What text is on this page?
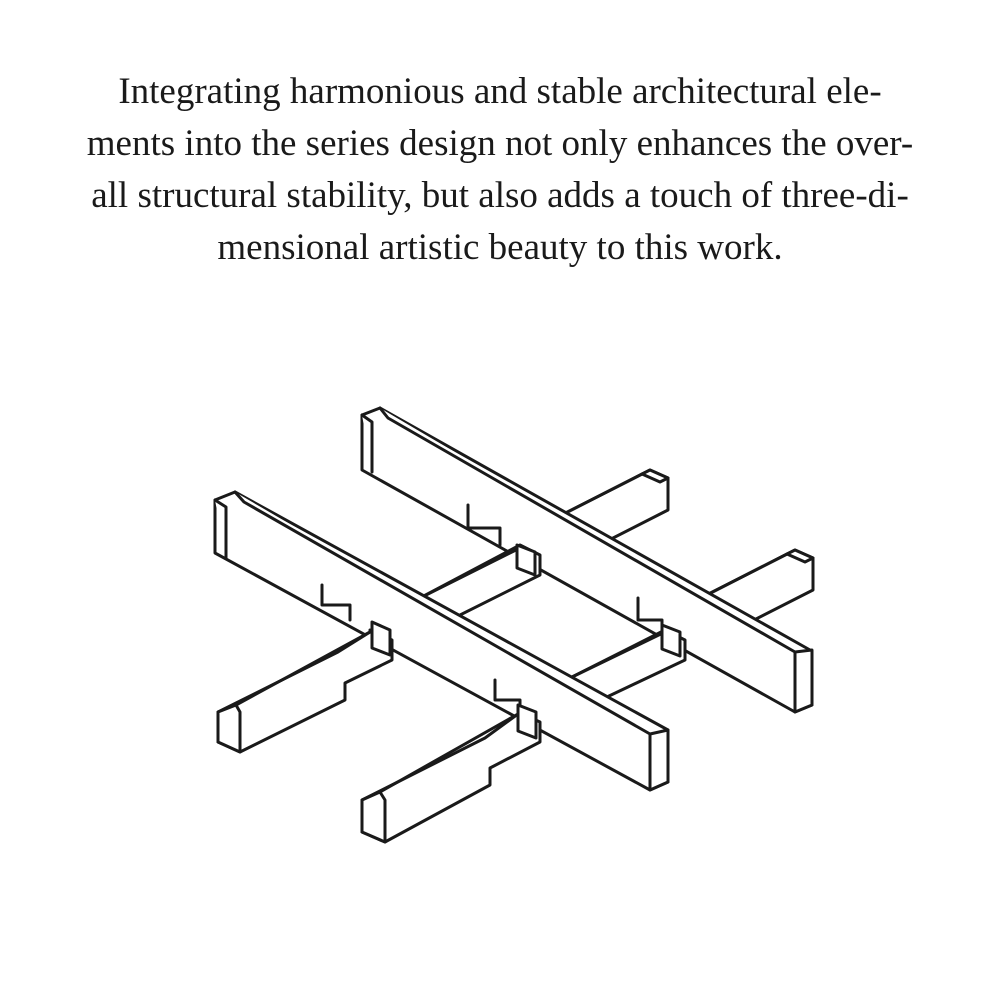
Integrating harmonious and stable architectural ele-
ments into the series design not only enhances the over-
all structural stability, but also adds a touch of three-di-
mensional artistic beauty to this work.
